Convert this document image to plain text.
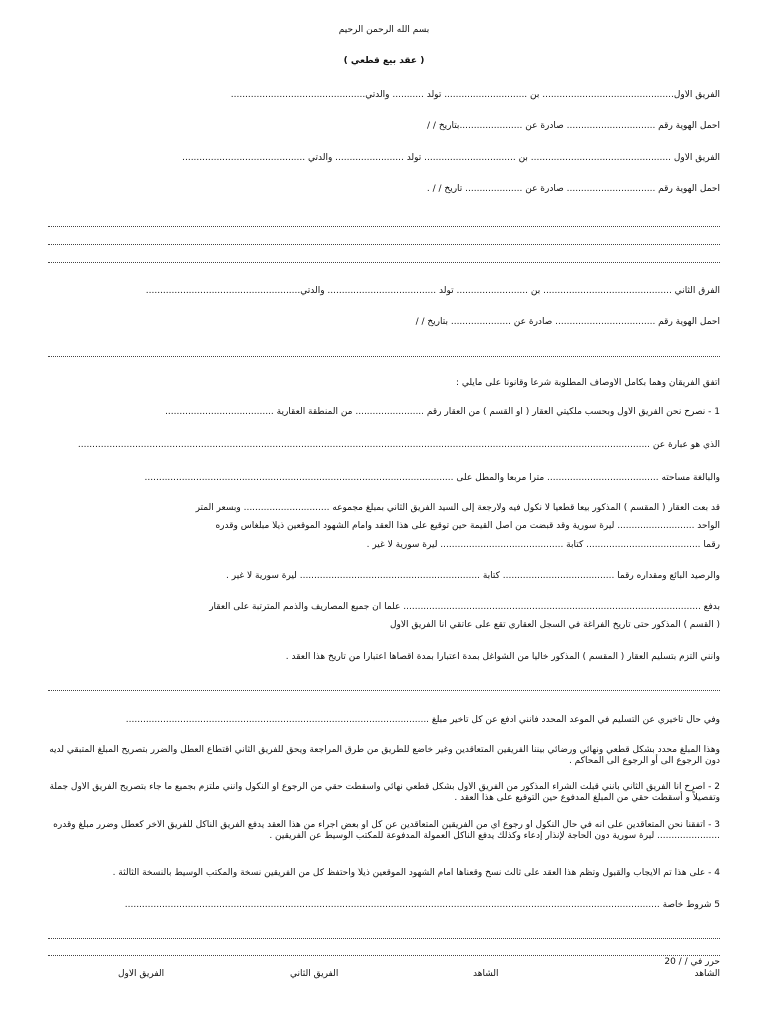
بسم الله الرحمن الرحيم
( عقد بيع قطعي )
الفريق الأول.............................................. بن ............................. تولد ........... والدتي...............................................
أحمل الهوية رقم ............................... صادرة عن ......................بتاريخ / /
الفريق الأول ................................................. بن ................................ تولد ........................ والدتي ...........................................
أحمل الهوية رقم ............................... صادرة عن .................... تاريخ / / .
الفرق الثاني ............................................. بن ......................... تولد ...................................... والدتي......................................................
احمل الهوية رقم ................................... صادرة عن ..................... بتاريخ / /
اتفق الفريقان وهما بكامل الأوصاف المطلوبة شرعاً وقانوناً على مايلي :
1 - نصرح نحن الفريق الأول وبحسب ملكيتي العقار ( أو القسم ) من العقار رقم ........................ من المنطقة العقارية ......................................
الذي هو عبارة عن ........................................................................................................................................................................................................
والبالغة مساحته ....................................... متراً مربعاً والمطل على ............................................................................................................
قد بعت العقار ( المقسم ) المذكور بيعاً قطعياً لا نكول فيه ولارجعة إلى السيد الفريق الثاني بمبلغ مجموعه .............................. وبسعر المتر
الواحد ........................... ليرة سورية وقد قبضت من أصل القيمة حين توقيع على هذا العقد وامام الشهود الموقعين ذيلاً مبلغاس وقدره
رقماً ........................................ كتابة ........................................... ليرة سورية لا غير .
والرصيد البائع ومقداره رقماً ....................................... كتابة ............................................................... ليرة سورية لا غير .
بدفع ........................................................................................................ علماً أن جميع المصاريف والذمم المترتبة على العقار
( القسم ) المذكور حتى تاريخ الفراغة في السجل العقاري تقع على عاتقي أنا الفريق الأول
وأنني التزم بتسليم العقار ( المقسم ) المذكور خالياً من الشواغل بمدة اعتباراً بمدة أقصاها اعتباراً من تاريخ هذا العقد .
وفي حال تأخيري عن التسليم في الموعد المحدد فأنني ادفع عن كل تأخير مبلغ ..........................................................................................................
وهذا المبلغ محدد بشكل قطعي ونهائي ورضائي بيننا الفريقين المتعاقدين وغير خاضع للطريق من طرق المراجعة ويحق للفريق الثاني اقتطاع العطل والضرر بتصريح المبلغ المتبقي لديه دون الرجوع الى أو الرجوع الى المحاكم .
2 - أصرح أنا الفريق الثاني بأنني قبلت الشراء المذكور من الفريق الأول بشكل قطعي نهائي واسقطت حقي من الرجوع أو النكول وأنني ملتزم بجميع ما جاء بتصريح الفريق الأول جملة وتفصيلاً و أسقطت حقي من المبلغ المدفوع حين التوقيع على هذا العقد .
3 - اتفقنا نحن المتعاقدين على أنه في حال النكول أو رجوع أي من الفريقين المتعاقدين عن كل أو بعض أجراء من هذا العقد يدفع الفريق الناكل للفريق الآخر كعطل وضرر مبلغ وقدره ...................... ليرة سورية دون الحاجة لإنذار إدعاء وكذلك يدفع الناكل العمولة المدفوعة للمكتب الوسيط عن الفريقين .
4 - على هذا تم الايجاب والقبول وتظم هذا العقد على ثالث نسخ وقعناها أمام الشهود الموقعين ذيلاً واحتفظ كل من الفريقين نسخة والمكتب الوسيط بالنسخة الثالثة .
5 شروط خاصة ...........................................................................................................................................................................................
حرر في / / 20
الشاهد
الشاهد
الفريق الثاني
الفريق الاول
